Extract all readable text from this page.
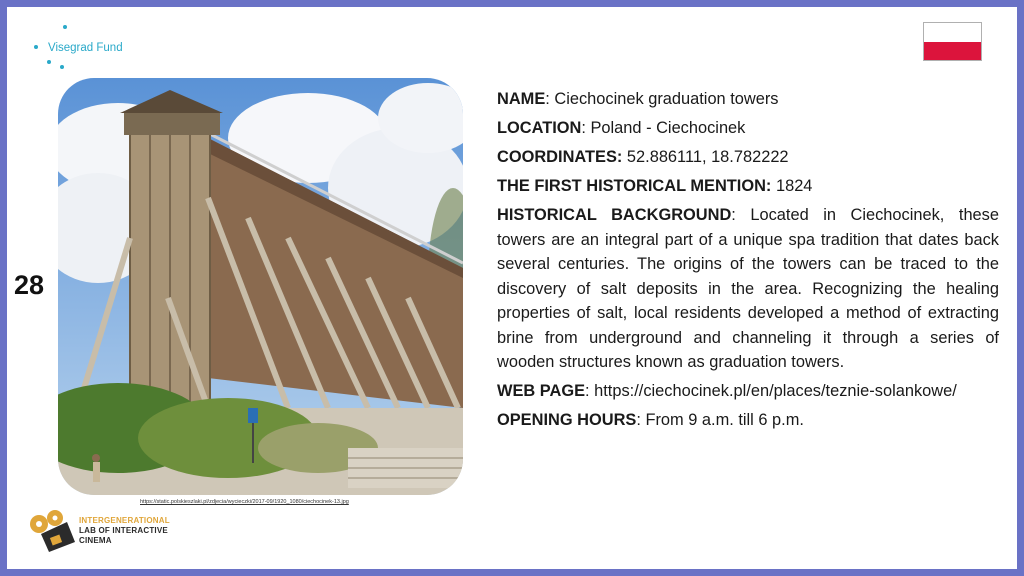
Visegrad Fund
28
https://static.polskieszlaki.pl/zdjecia/wycieczki/2017-09/1920_1080/ciechocinek-13.jpg
INTERGENERATIONAL
LAB OF INTERACTIVE
CINEMA

NAME: Ciechocinek graduation towers

LOCATION: Poland - Ciechocinek

COORDINATES: 52.886111, 18.782222

THE FIRST HISTORICAL MENTION: 1824

HISTORICAL BACKGROUND: Located in Ciechocinek, these towers are an integral part of a unique spa tradition that dates back several centuries. The origins of the towers can be traced to the discovery of salt deposits in the area. Recognizing the healing properties of salt, local residents developed a method of extracting brine from underground and channeling it through a series of wooden structures known as graduation towers.

WEB PAGE: https://ciechocinek.pl/en/places/teznie-solankowe/

OPENING HOURS: From 9 a.m. till 6 p.m.
